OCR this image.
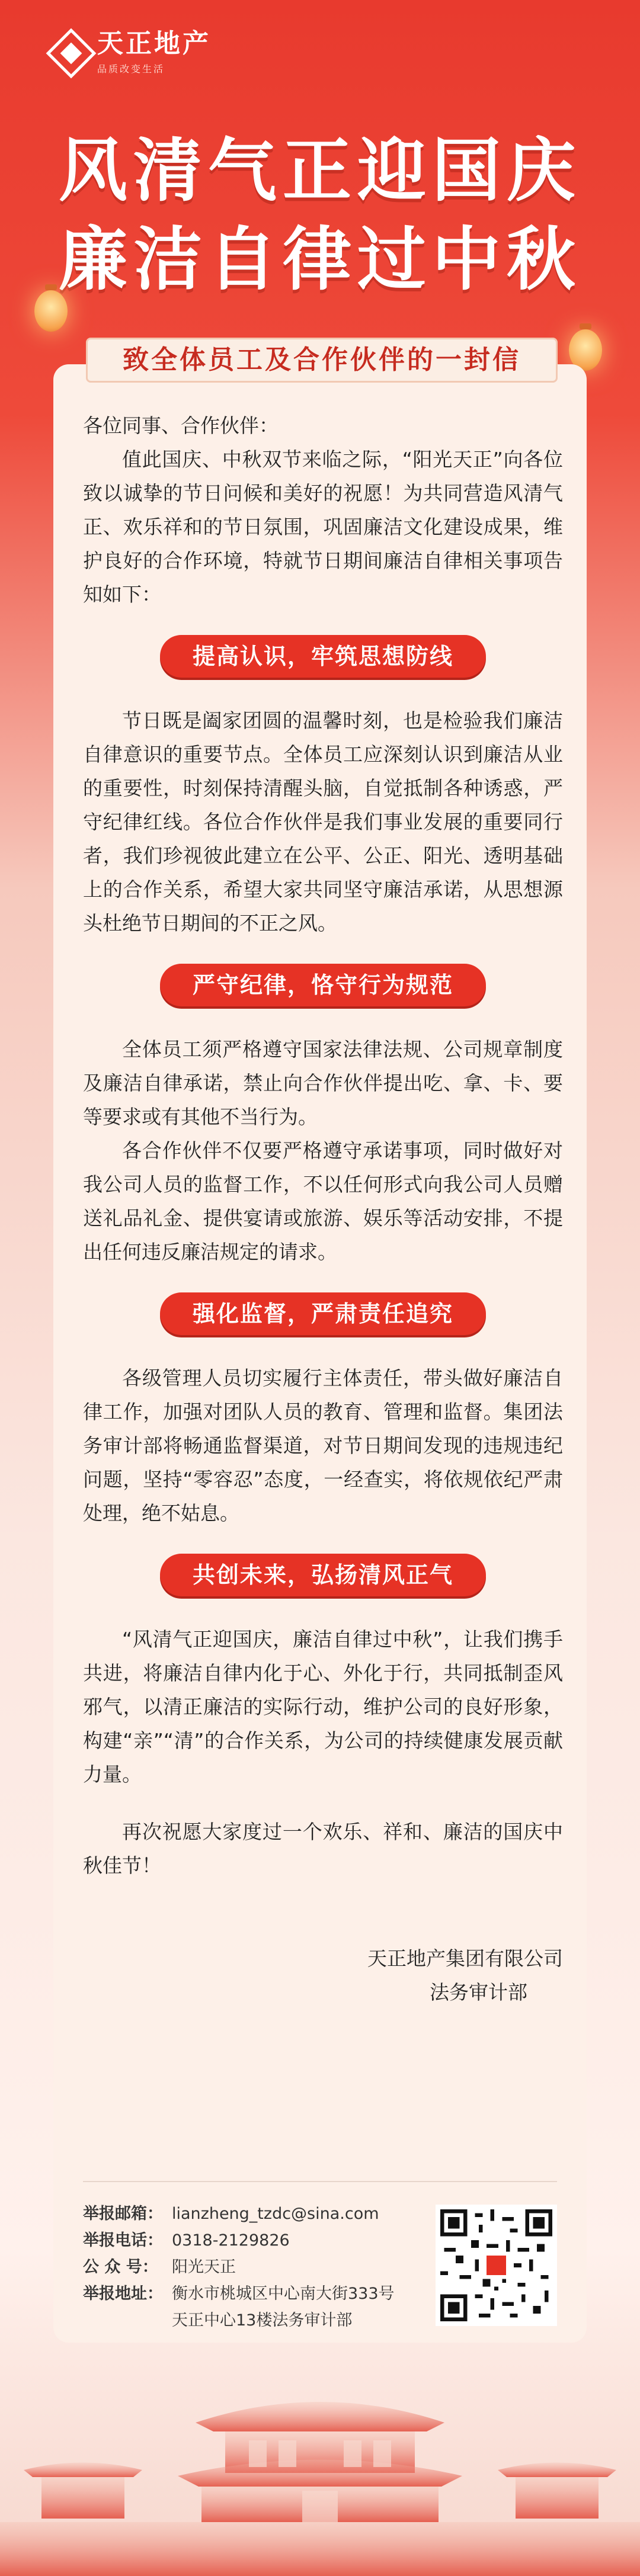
天正地产
品质改变生活
风清气正迎国庆
廉洁自律过中秋
致全体员工及合作伙伴的一封信

各位同事、合作伙伴：

值此国庆、中秋双节来临之际，“阳光天正”向各位致以诚挚的节日问候和美好的祝愿！为共同营造风清气正、欢乐祥和的节日氛围，巩固廉洁文化建设成果，维护良好的合作环境，特就节日期间廉洁自律相关事项告知如下：

提高认识，牢筑思想防线

节日既是阖家团圆的温馨时刻，也是检验我们廉洁自律意识的重要节点。全体员工应深刻认识到廉洁从业的重要性，时刻保持清醒头脑，自觉抵制各种诱惑，严守纪律红线。各位合作伙伴是我们事业发展的重要同行者，我们珍视彼此建立在公平、公正、阳光、透明基础上的合作关系，希望大家共同坚守廉洁承诺，从思想源头杜绝节日期间的不正之风。

严守纪律，恪守行为规范

全体员工须严格遵守国家法律法规、公司规章制度及廉洁自律承诺，禁止向合作伙伴提出吃、拿、卡、要等要求或有其他不当行为。

各合作伙伴不仅要严格遵守承诺事项，同时做好对我公司人员的监督工作，不以任何形式向我公司人员赠送礼品礼金、提供宴请或旅游、娱乐等活动安排，不提出任何违反廉洁规定的请求。

强化监督，严肃责任追究

各级管理人员切实履行主体责任，带头做好廉洁自律工作，加强对团队人员的教育、管理和监督。集团法务审计部将畅通监督渠道，对节日期间发现的违规违纪问题，坚持“零容忍”态度，一经查实，将依规依纪严肃处理，绝不姑息。

共创未来，弘扬清风正气

“风清气正迎国庆，廉洁自律过中秋”，让我们携手共进，将廉洁自律内化于心、外化于行，共同抵制歪风邪气，以清正廉洁的实际行动，维护公司的良好形象，构建“亲”“清”的合作关系，为公司的持续健康发展贡献力量。

再次祝愿大家度过一个欢乐、祥和、廉洁的国庆中秋佳节！

天正地产集团有限公司
法务审计部
举报邮箱： lianzheng_tzdc@sina.com
举报电话： 0318-2129826
公 众 号： 阳光天正
举报地址： 衡水市桃城区中心南大街333号
天正中心13楼法务审计部
